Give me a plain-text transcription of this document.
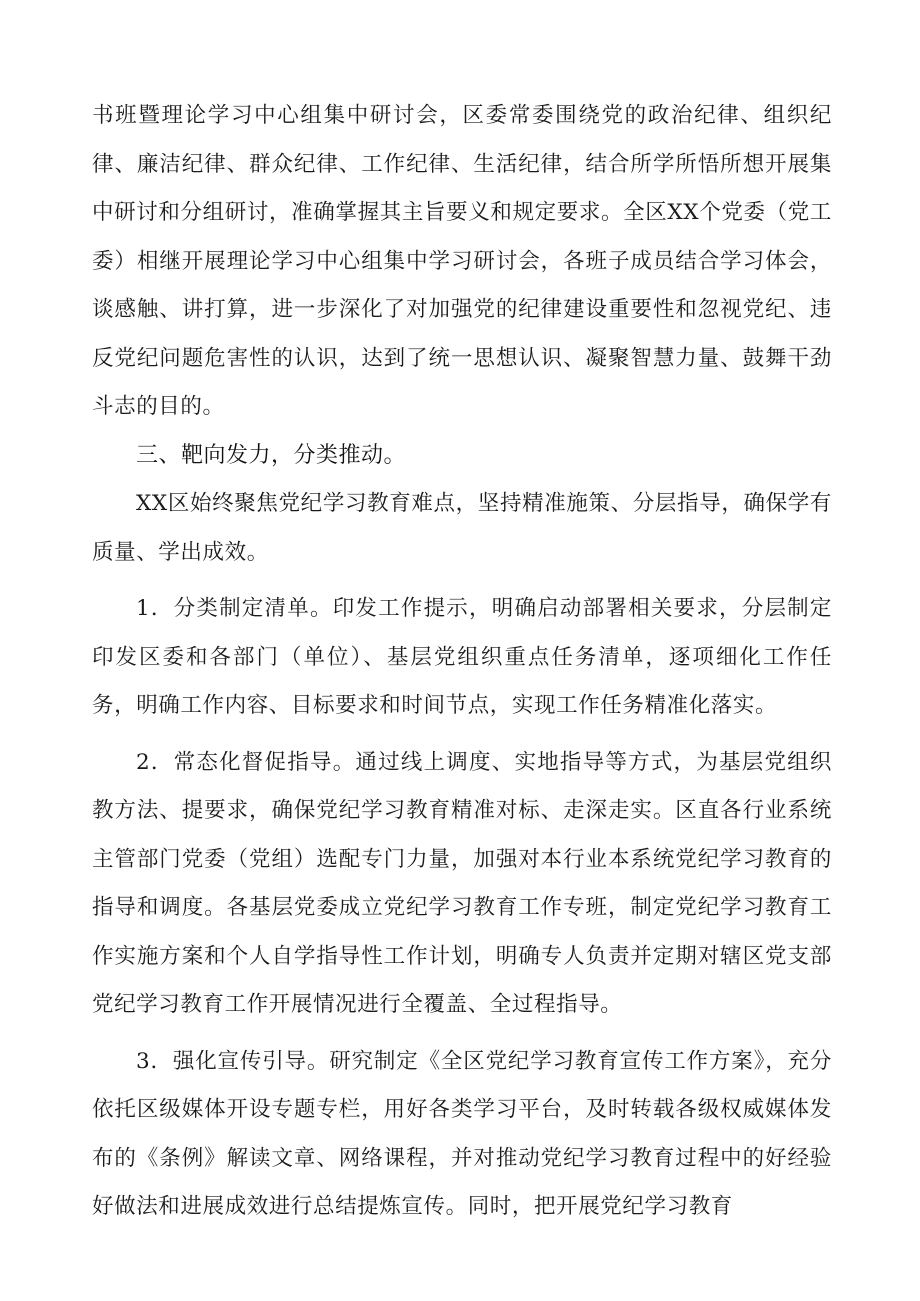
书班暨理论学习中心组集中研讨会，区委常委围绕党的政治纪律、组织纪律、廉洁纪律、群众纪律、工作纪律、生活纪律，结合所学所悟所想开展集中研讨和分组研讨，准确掌握其主旨要义和规定要求。全区XX个党委（党工委）相继开展理论学习中心组集中学习研讨会，各班子成员结合学习体会，谈感触、讲打算，进一步深化了对加强党的纪律建设重要性和忽视党纪、违反党纪问题危害性的认识，达到了统一思想认识、凝聚智慧力量、鼓舞干劲斗志的目的。

三、靶向发力，分类推动。

XX区始终聚焦党纪学习教育难点，坚持精准施策、分层指导，确保学有质量、学出成效。

1．分类制定清单。印发工作提示，明确启动部署相关要求，分层制定印发区委和各部门（单位）、基层党组织重点任务清单，逐项细化工作任务，明确工作内容、目标要求和时间节点，实现工作任务精准化落实。

2．常态化督促指导。通过线上调度、实地指导等方式，为基层党组织教方法、提要求，确保党纪学习教育精准对标、走深走实。区直各行业系统主管部门党委（党组）选配专门力量，加强对本行业本系统党纪学习教育的指导和调度。各基层党委成立党纪学习教育工作专班，制定党纪学习教育工作实施方案和个人自学指导性工作计划，明确专人负责并定期对辖区党支部党纪学习教育工作开展情况进行全覆盖、全过程指导。

3．强化宣传引导。研究制定《全区党纪学习教育宣传工作方案》，充分依托区级媒体开设专题专栏，用好各类学习平台，及时转载各级权威媒体发布的《条例》解读文章、网络课程，并对推动党纪学习教育过程中的好经验好做法和进展成效进行总结提炼宣传。同时，把开展党纪学习教育
